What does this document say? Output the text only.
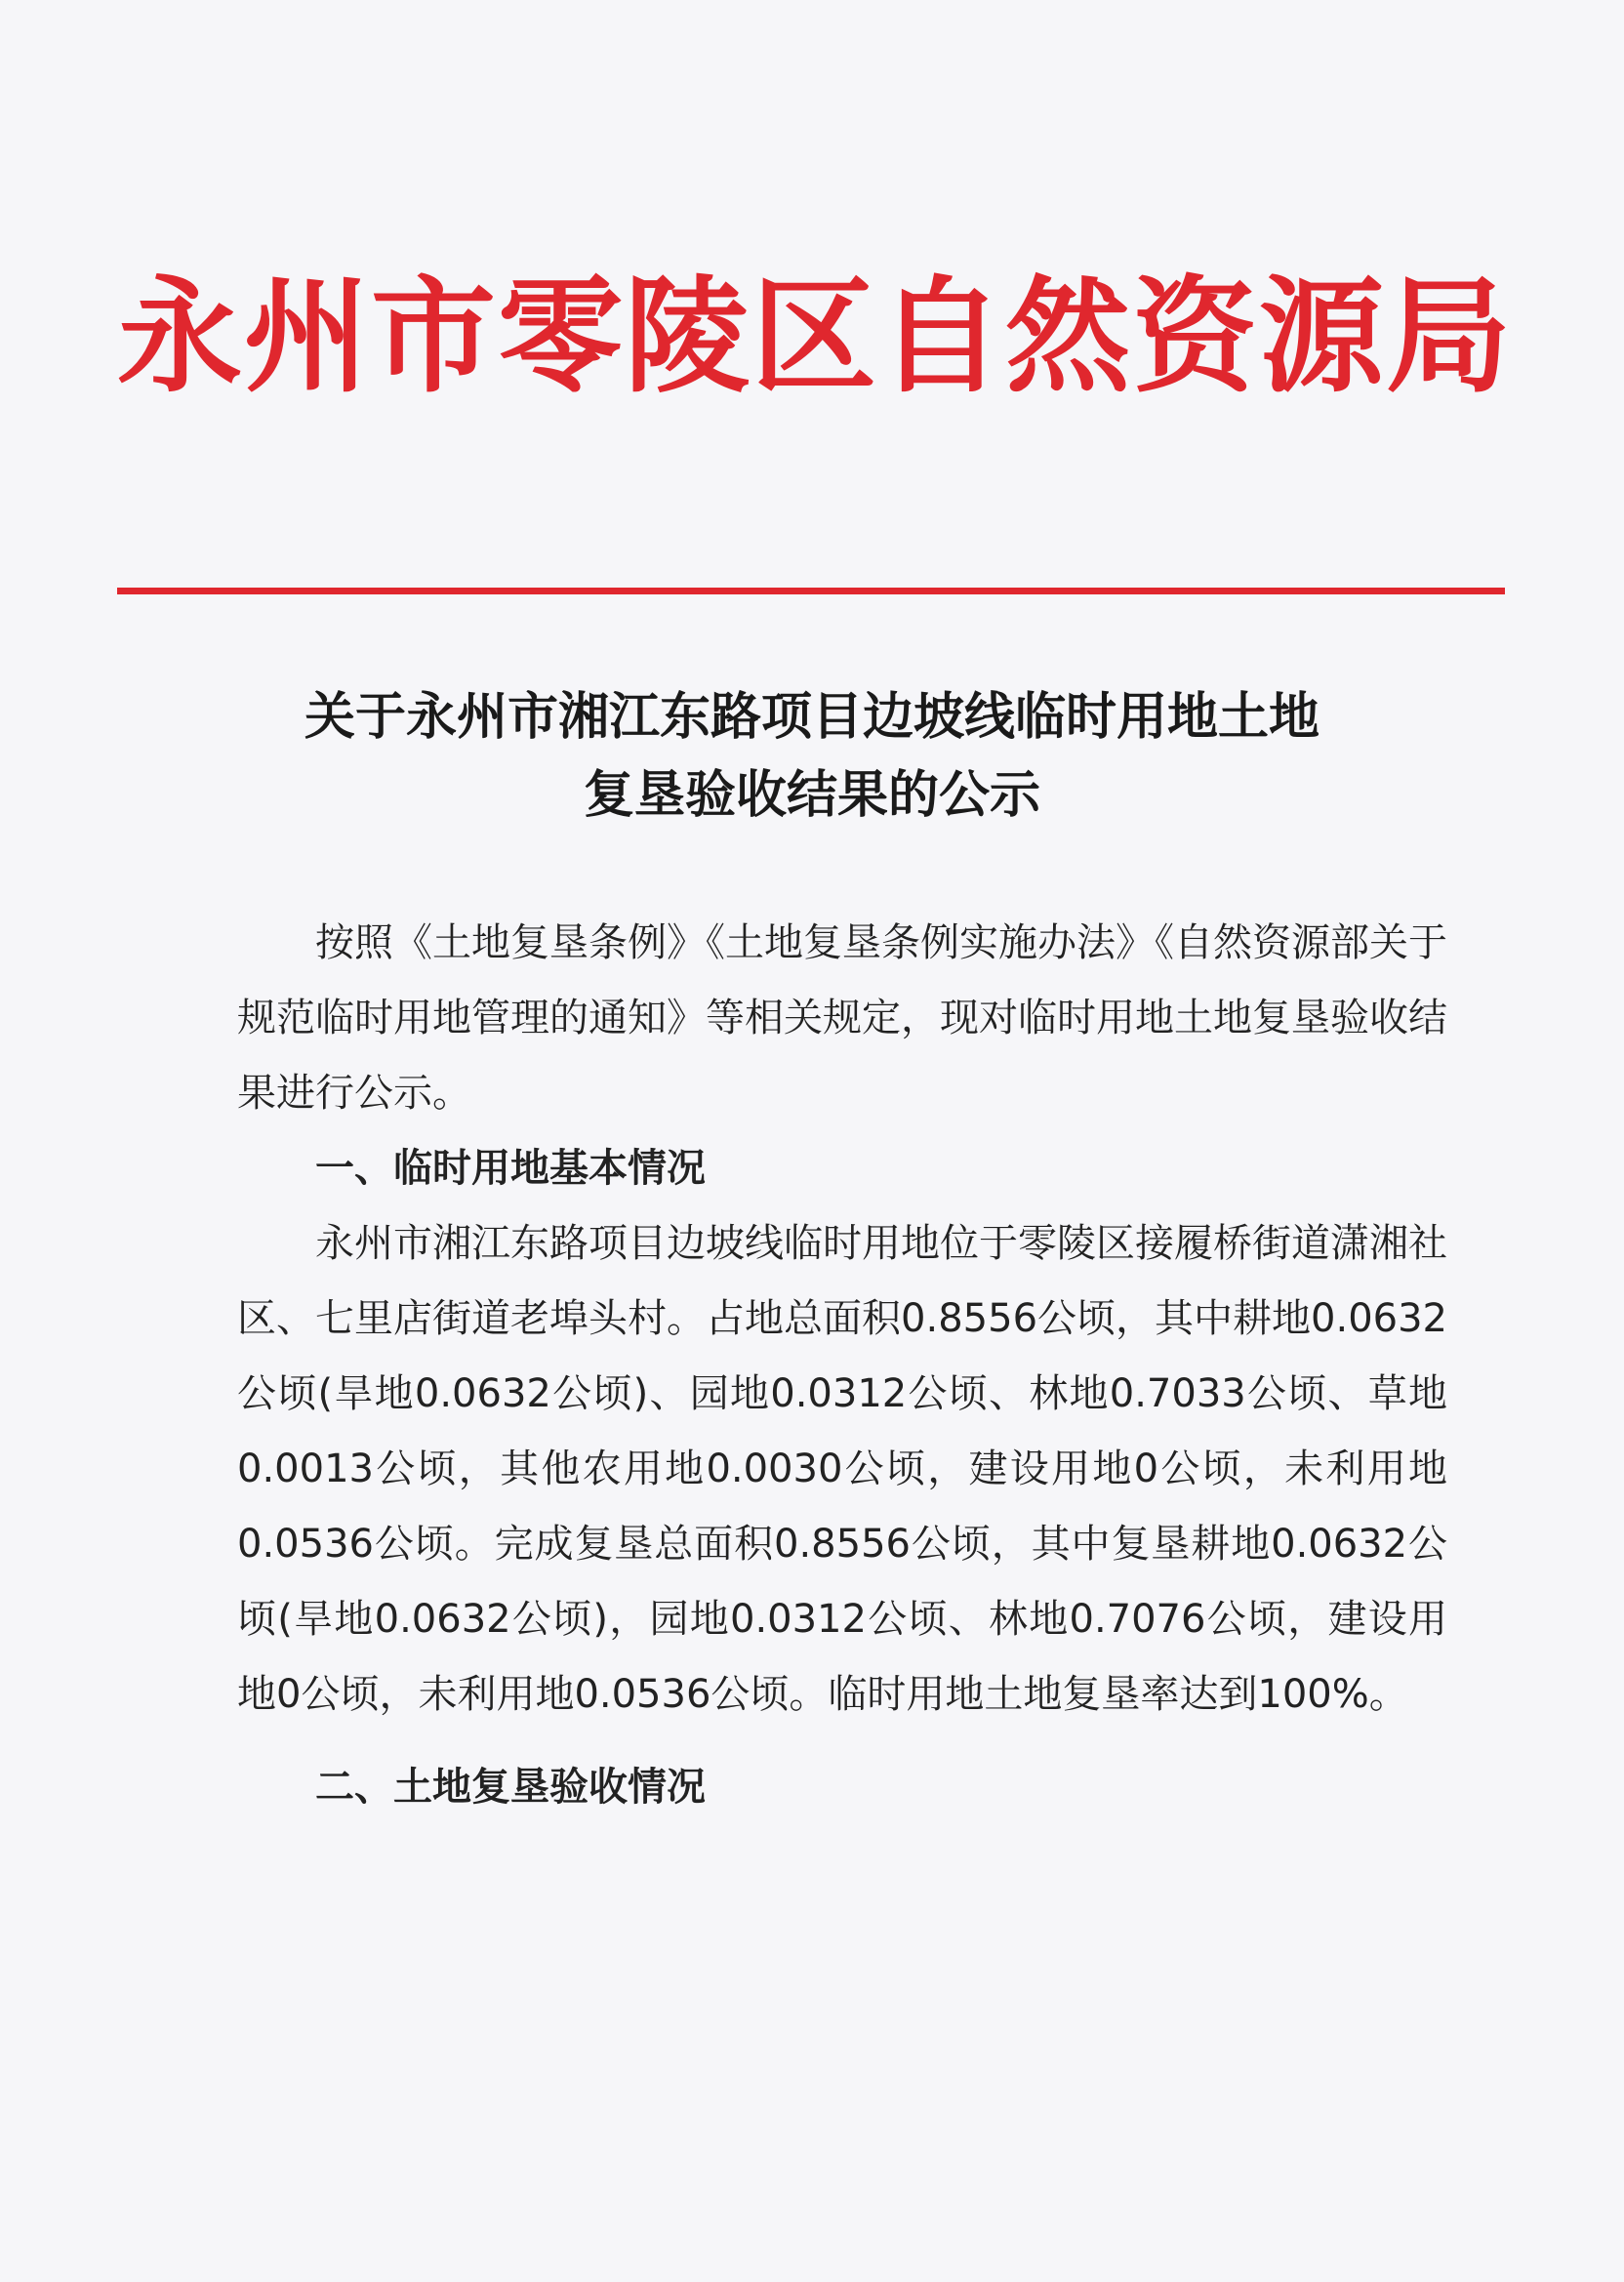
永州市零陵区自然资源局
关于永州市湘江东路项目边坡线临时用地土地
复垦验收结果的公示

按照《土地复垦条例》《土地复垦条例实施办法》《自然资源部关于规范临时用地管理的通知》等相关规定，现对临时用地土地复垦验收结果进行公示。

一、临时用地基本情况

永州市湘江东路项目边坡线临时用地位于零陵区接履桥街道潇湘社区、七里店街道老埠头村。占地总面积0.8556公顷，其中耕地0.0632公顷(旱地0.0632公顷)、园地0.0312公顷、林地0.7033公顷、草地0.0013公顷，其他农用地0.0030公顷，建设用地0公顷，未利用地0.0536公顷。完成复垦总面积0.8556公顷，其中复垦耕地0.0632公顷(旱地0.0632公顷)，园地0.0312公顷、林地0.7076公顷，建设用地0公顷，未利用地0.0536公顷。临时用地土地复垦率达到100%。

二、土地复垦验收情况
